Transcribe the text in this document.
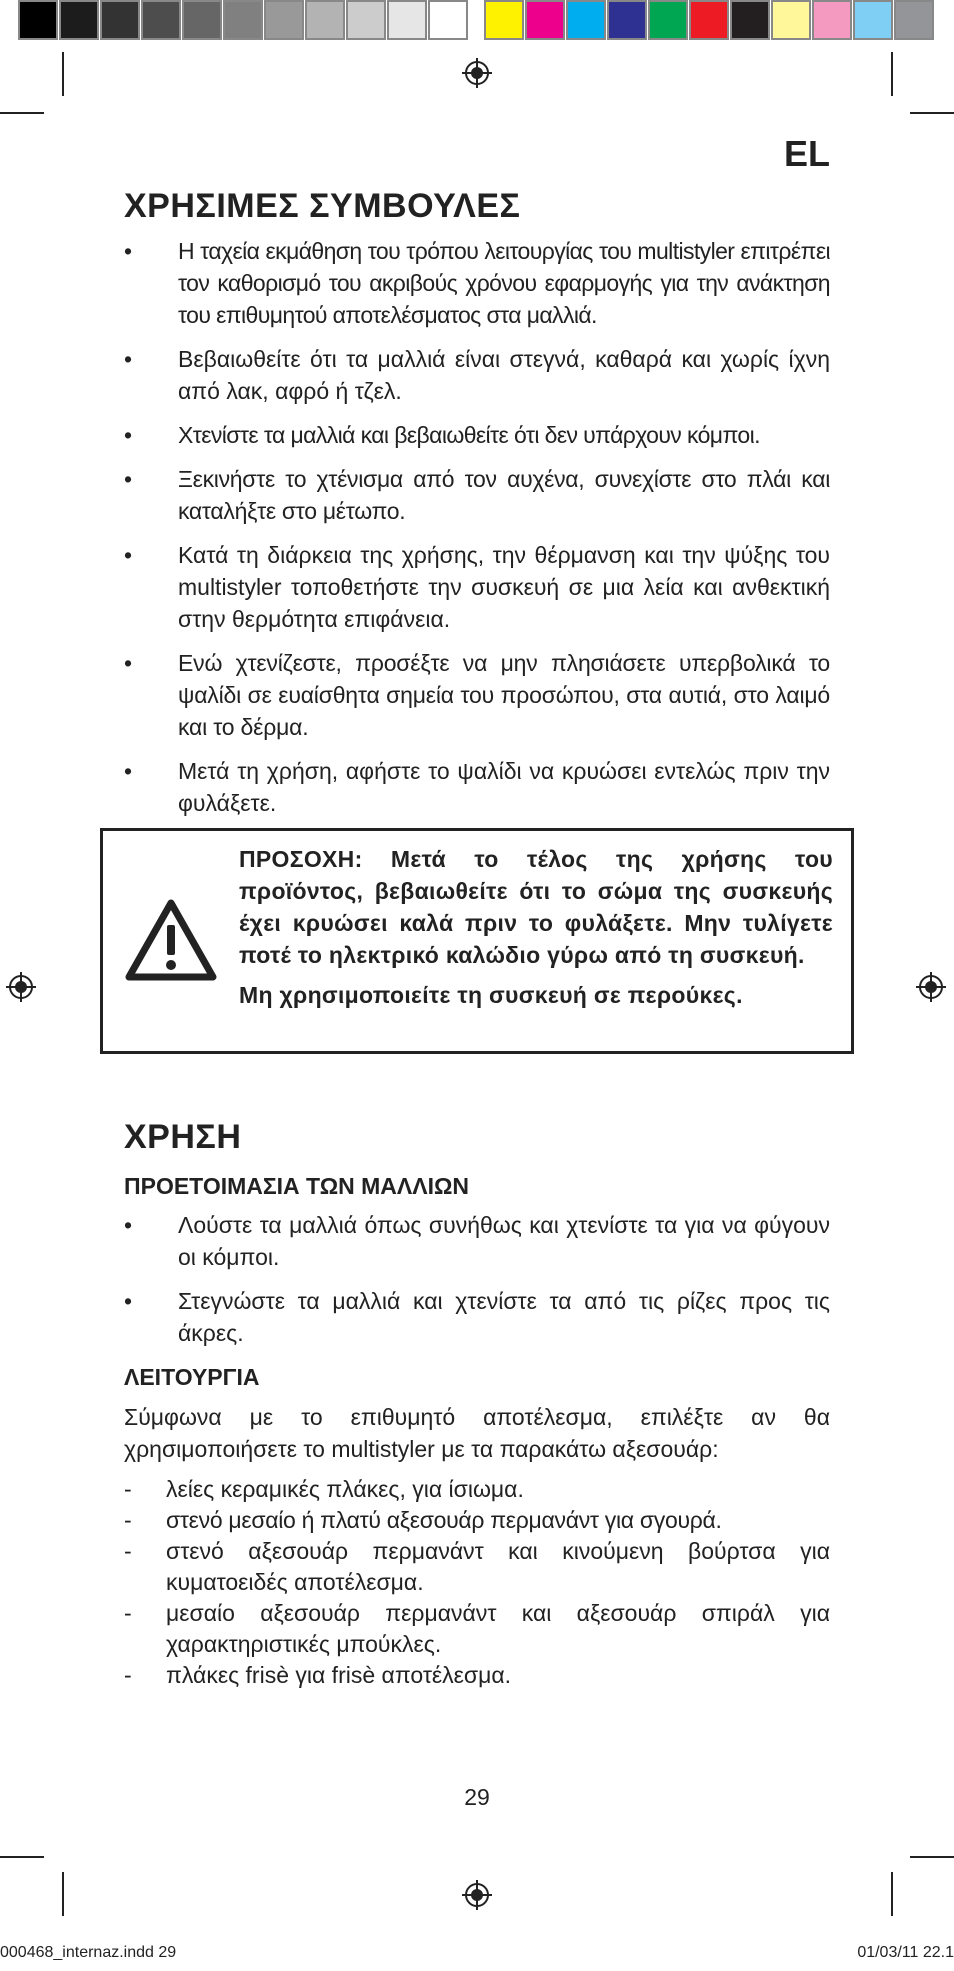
EL
ΧΡΗΣΙΜΕΣ ΣΥΜΒΟΥΛΕΣ
•	Η ταχεία εκμάθηση του τρόπου λειτουργίας του multistyler επιτρέπει τον καθορισμό του ακριβούς χρόνου εφαρμογής για την ανάκτηση του επιθυμητού αποτελέσματος στα μαλλιά.
•	Βεβαιωθείτε ότι τα μαλλιά είναι στεγνά, καθαρά και χωρίς ίχνη από λακ, αφρό ή τζελ.
•	Χτενίστε τα μαλλιά και βεβαιωθείτε ότι δεν υπάρχουν κόμποι.
•	Ξεκινήστε το χτένισμα από τον αυχένα, συνεχίστε στο πλάι και καταλήξτε στο μέτωπο.
•	Κατά τη διάρκεια της χρήσης, την θέρμανση και την ψύξης του multistyler τοποθετήστε την συσκευή σε μια λεία και ανθεκτική στην θερμότητα επιφάνεια.
•	Ενώ χτενίζεστε, προσέξτε να μην πλησιάσετε υπερβολικά το ψαλίδι σε ευαίσθητα σημεία του προσώπου, στα αυτιά, στο λαιμό και το δέρμα.
•	Μετά τη χρήση, αφήστε το ψαλίδι να κρυώσει εντελώς πριν την φυλάξετε.

ΠΡΟΣΟΧΗ: Μετά το τέλος της χρήσης του προϊόντος, βεβαιωθείτε ότι το σώμα της συσκευής έχει κρυώσει καλά πριν το φυλάξετε. Μην τυλίγετε ποτέ το ηλεκτρικό καλώδιο γύρω από τη συσκευή.

Μη χρησιμοποιείτε τη συσκευή σε περούκες.

ΧΡΗΣΗ
ΠΡΟΕΤΟΙΜΑΣΙΑ ΤΩΝ ΜΑΛΛΙΩΝ
•	Λούστε τα μαλλιά όπως συνήθως και χτενίστε τα για να φύγουν οι κόμποι.
•	Στεγνώστε τα μαλλιά και χτενίστε τα από τις ρίζες προς τις άκρες.
ΛΕΙΤΟΥΡΓΙΑ

Σύμφωνα με το επιθυμητό αποτέλεσμα, επιλέξτε αν θα χρησιμοποιήσετε το multistyler με τα παρακάτω αξεσουάρ:

- λείες κεραμικές πλάκες, για ίσιωμα.
- στενό μεσαίο ή πλατύ αξεσουάρ περμανάντ για σγουρά.
- στενό αξεσουάρ περμανάντ και κινούμενη βούρτσα για κυματοειδές αποτέλεσμα.
- μεσαίο αξεσουάρ περμανάντ και αξεσουάρ σπιράλ για χαρακτηριστικές μπούκλες.
- πλάκες frisè για frisè αποτέλεσμα.
29
000468_internaz.indd 29	01/03/11 22.1
